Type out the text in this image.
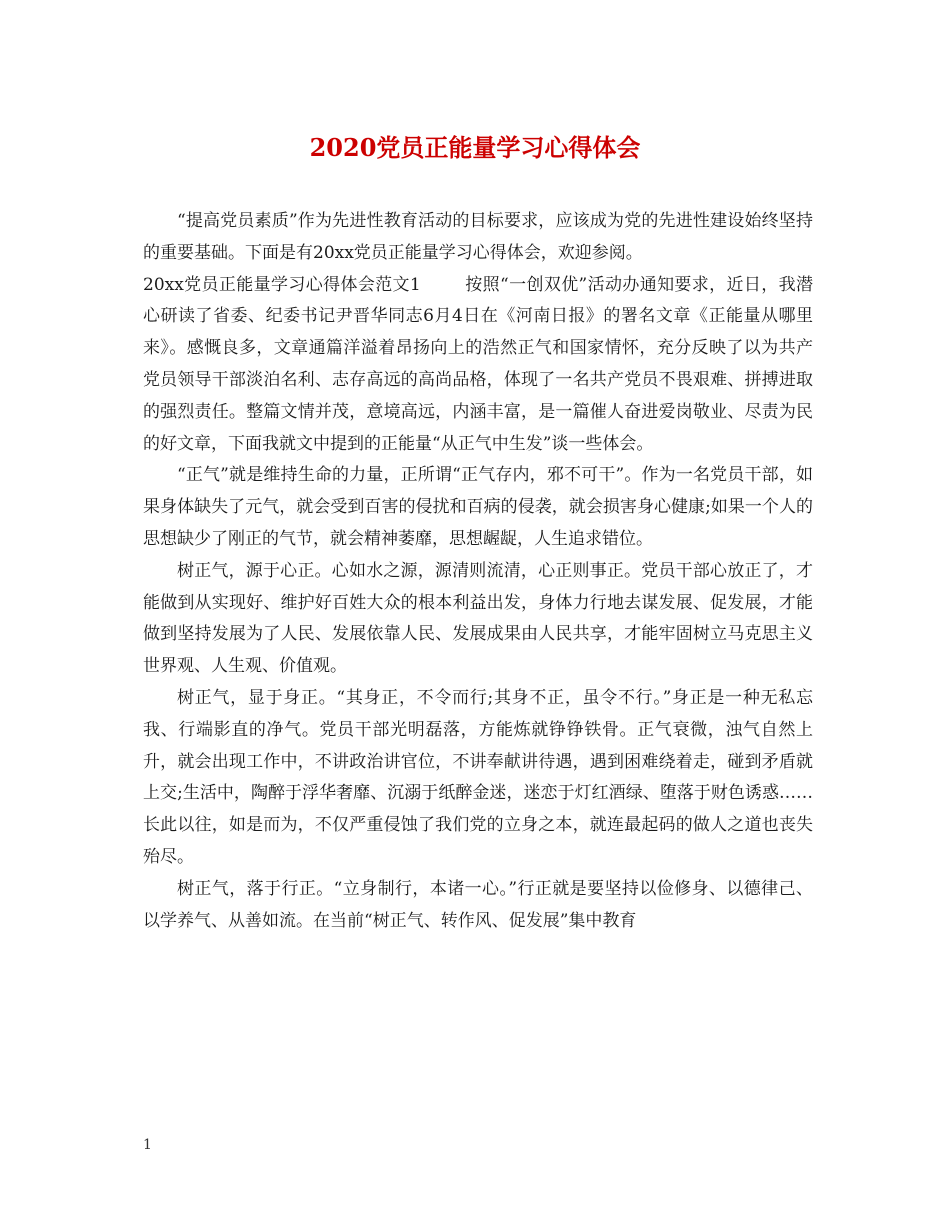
2020党员正能量学习心得体会

“提高党员素质”作为先进性教育活动的目标要求，应该成为党的先进性建设始终坚持的重要基础。下面是有20xx党员正能量学习心得体会，欢迎参阅。

20xx党员正能量学习心得体会范文1	按照“一创双优”活动办通知要求，近日，我潜心研读了省委、纪委书记尹晋华同志6月4日在《河南日报》的署名文章《正能量从哪里来》。感慨良多，文章通篇洋溢着昂扬向上的浩然正气和国家情怀，充分反映了以为共产党员领导干部淡泊名利、志存高远的高尚品格，体现了一名共产党员不畏艰难、拼搏进取的强烈责任。整篇文情并茂，意境高远，内涵丰富，是一篇催人奋进爱岗敬业、尽责为民的好文章，下面我就文中提到的正能量“从正气中生发”谈一些体会。

“正气”就是维持生命的力量，正所谓“正气存内，邪不可干”。作为一名党员干部，如果身体缺失了元气，就会受到百害的侵扰和百病的侵袭，就会损害身心健康;如果一个人的思想缺少了刚正的气节，就会精神萎靡，思想龌龊，人生追求错位。

树正气，源于心正。心如水之源，源清则流清，心正则事正。党员干部心放正了，才能做到从实现好、维护好百姓大众的根本利益出发，身体力行地去谋发展、促发展，才能做到坚持发展为了人民、发展依靠人民、发展成果由人民共享，才能牢固树立马克思主义世界观、人生观、价值观。

树正气，显于身正。“其身正，不令而行;其身不正，虽令不行。”身正是一种无私忘我、行端影直的净气。党员干部光明磊落，方能炼就铮铮铁骨。正气衰微，浊气自然上升，就会出现工作中，不讲政治讲官位，不讲奉献讲待遇，遇到困难绕着走，碰到矛盾就上交;生活中，陶醉于浮华奢靡、沉溺于纸醉金迷，迷恋于灯红酒绿、堕落于财色诱惑……长此以往，如是而为，不仅严重侵蚀了我们党的立身之本，就连最起码的做人之道也丧失殆尽。

树正气，落于行正。“立身制行，本诸一心。”行正就是要坚持以俭修身、以德律己、以学养气、从善如流。在当前“树正气、转作风、促发展”集中教育

1
